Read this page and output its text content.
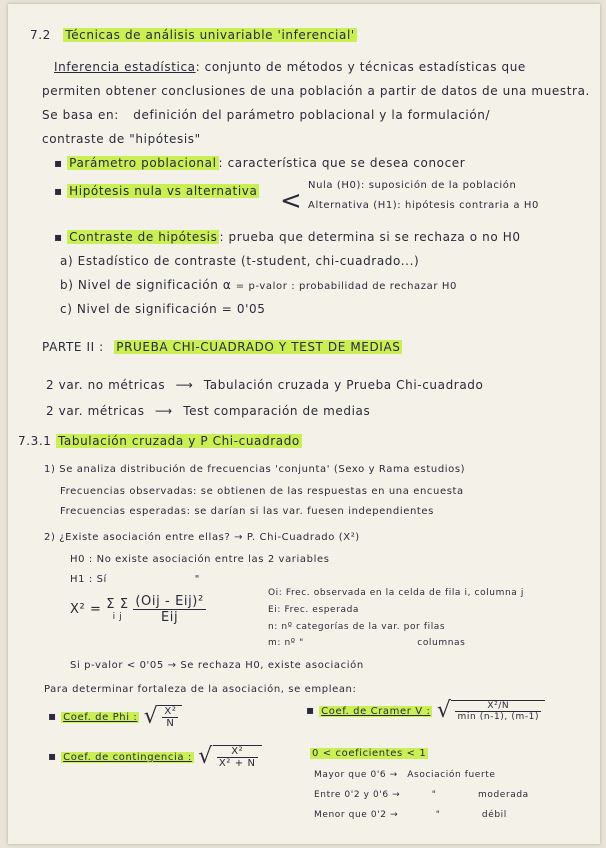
7.2 Técnicas de análisis univariable 'inferencial'
Inferencia estadística: conjunto de métodos y técnicas estadísticas que
permiten obtener conclusiones de una población a partir de datos de una muestra.
Se basa en: definición del parámetro poblacional y la formulación/
contraste de "hipótesis"
▪ Parámetro poblacional : característica que se desea conocer
▪ Hipótesis nula vs alternativa <
Nula (H0): suposición de la población
Alternativa (H1): hipótesis contraria a H0
▪ Contraste de hipótesis : prueba que determina si se rechaza o no H0
a) Estadístico de contraste (t-student, chi-cuadrado...)
b) Nivel de significación α = p-valor : probabilidad de rechazar H0
c) Nivel de significación = 0'05
PARTE II : PRUEBA CHI-CUADRADO Y TEST DE MEDIAS
2 var. no métricas ⟶ Tabulación cruzada y Prueba Chi-cuadrado
2 var. métricas ⟶ Test comparación de medias
7.3.1 Tabulación cruzada y P Chi-cuadrado
1) Se analiza distribución de frecuencias 'conjunta' (Sexo y Rama estudios)
Frecuencias observadas: se obtienen de las respuestas en una encuesta
Frecuencias esperadas: se darían si las var. fuesen independientes
2) ¿Existe asociación entre ellas? → P. Chi-Cuadrado (X²)
H0 : No existe asociación entre las 2 variables
H1 : Sí	"
X² = Σ Σ
i j
$\frac{\text{(Oij - Eij)²}}{\text{Eij}}$
Oi: Frec. observada en la celda de fila i, columna j
Ei: Frec. esperada
n: nº categorías de la var. por filas
m: nº "	columnas
Si p-valor < 0'05 → Se rechaza H0, existe asociación
Para determinar fortaleza de la asociación, se emplean:
▪ Coef. de Phi : √ $\frac{\text{X²}}{N}$	▪ Coef. de Cramer V : √ $\frac{\text{X²/N}}{\min (n-1), (m-1)}$
▪ Coef. de contingencia : √ $\frac{\text{X²}}{\text{X² + N}}$	0 < coeficientes < 1
Mayor que 0'6 → Asociación fuerte
Entre 0'2 y 0'6 →	"	moderada
Menor que 0'2 →	"	débil
